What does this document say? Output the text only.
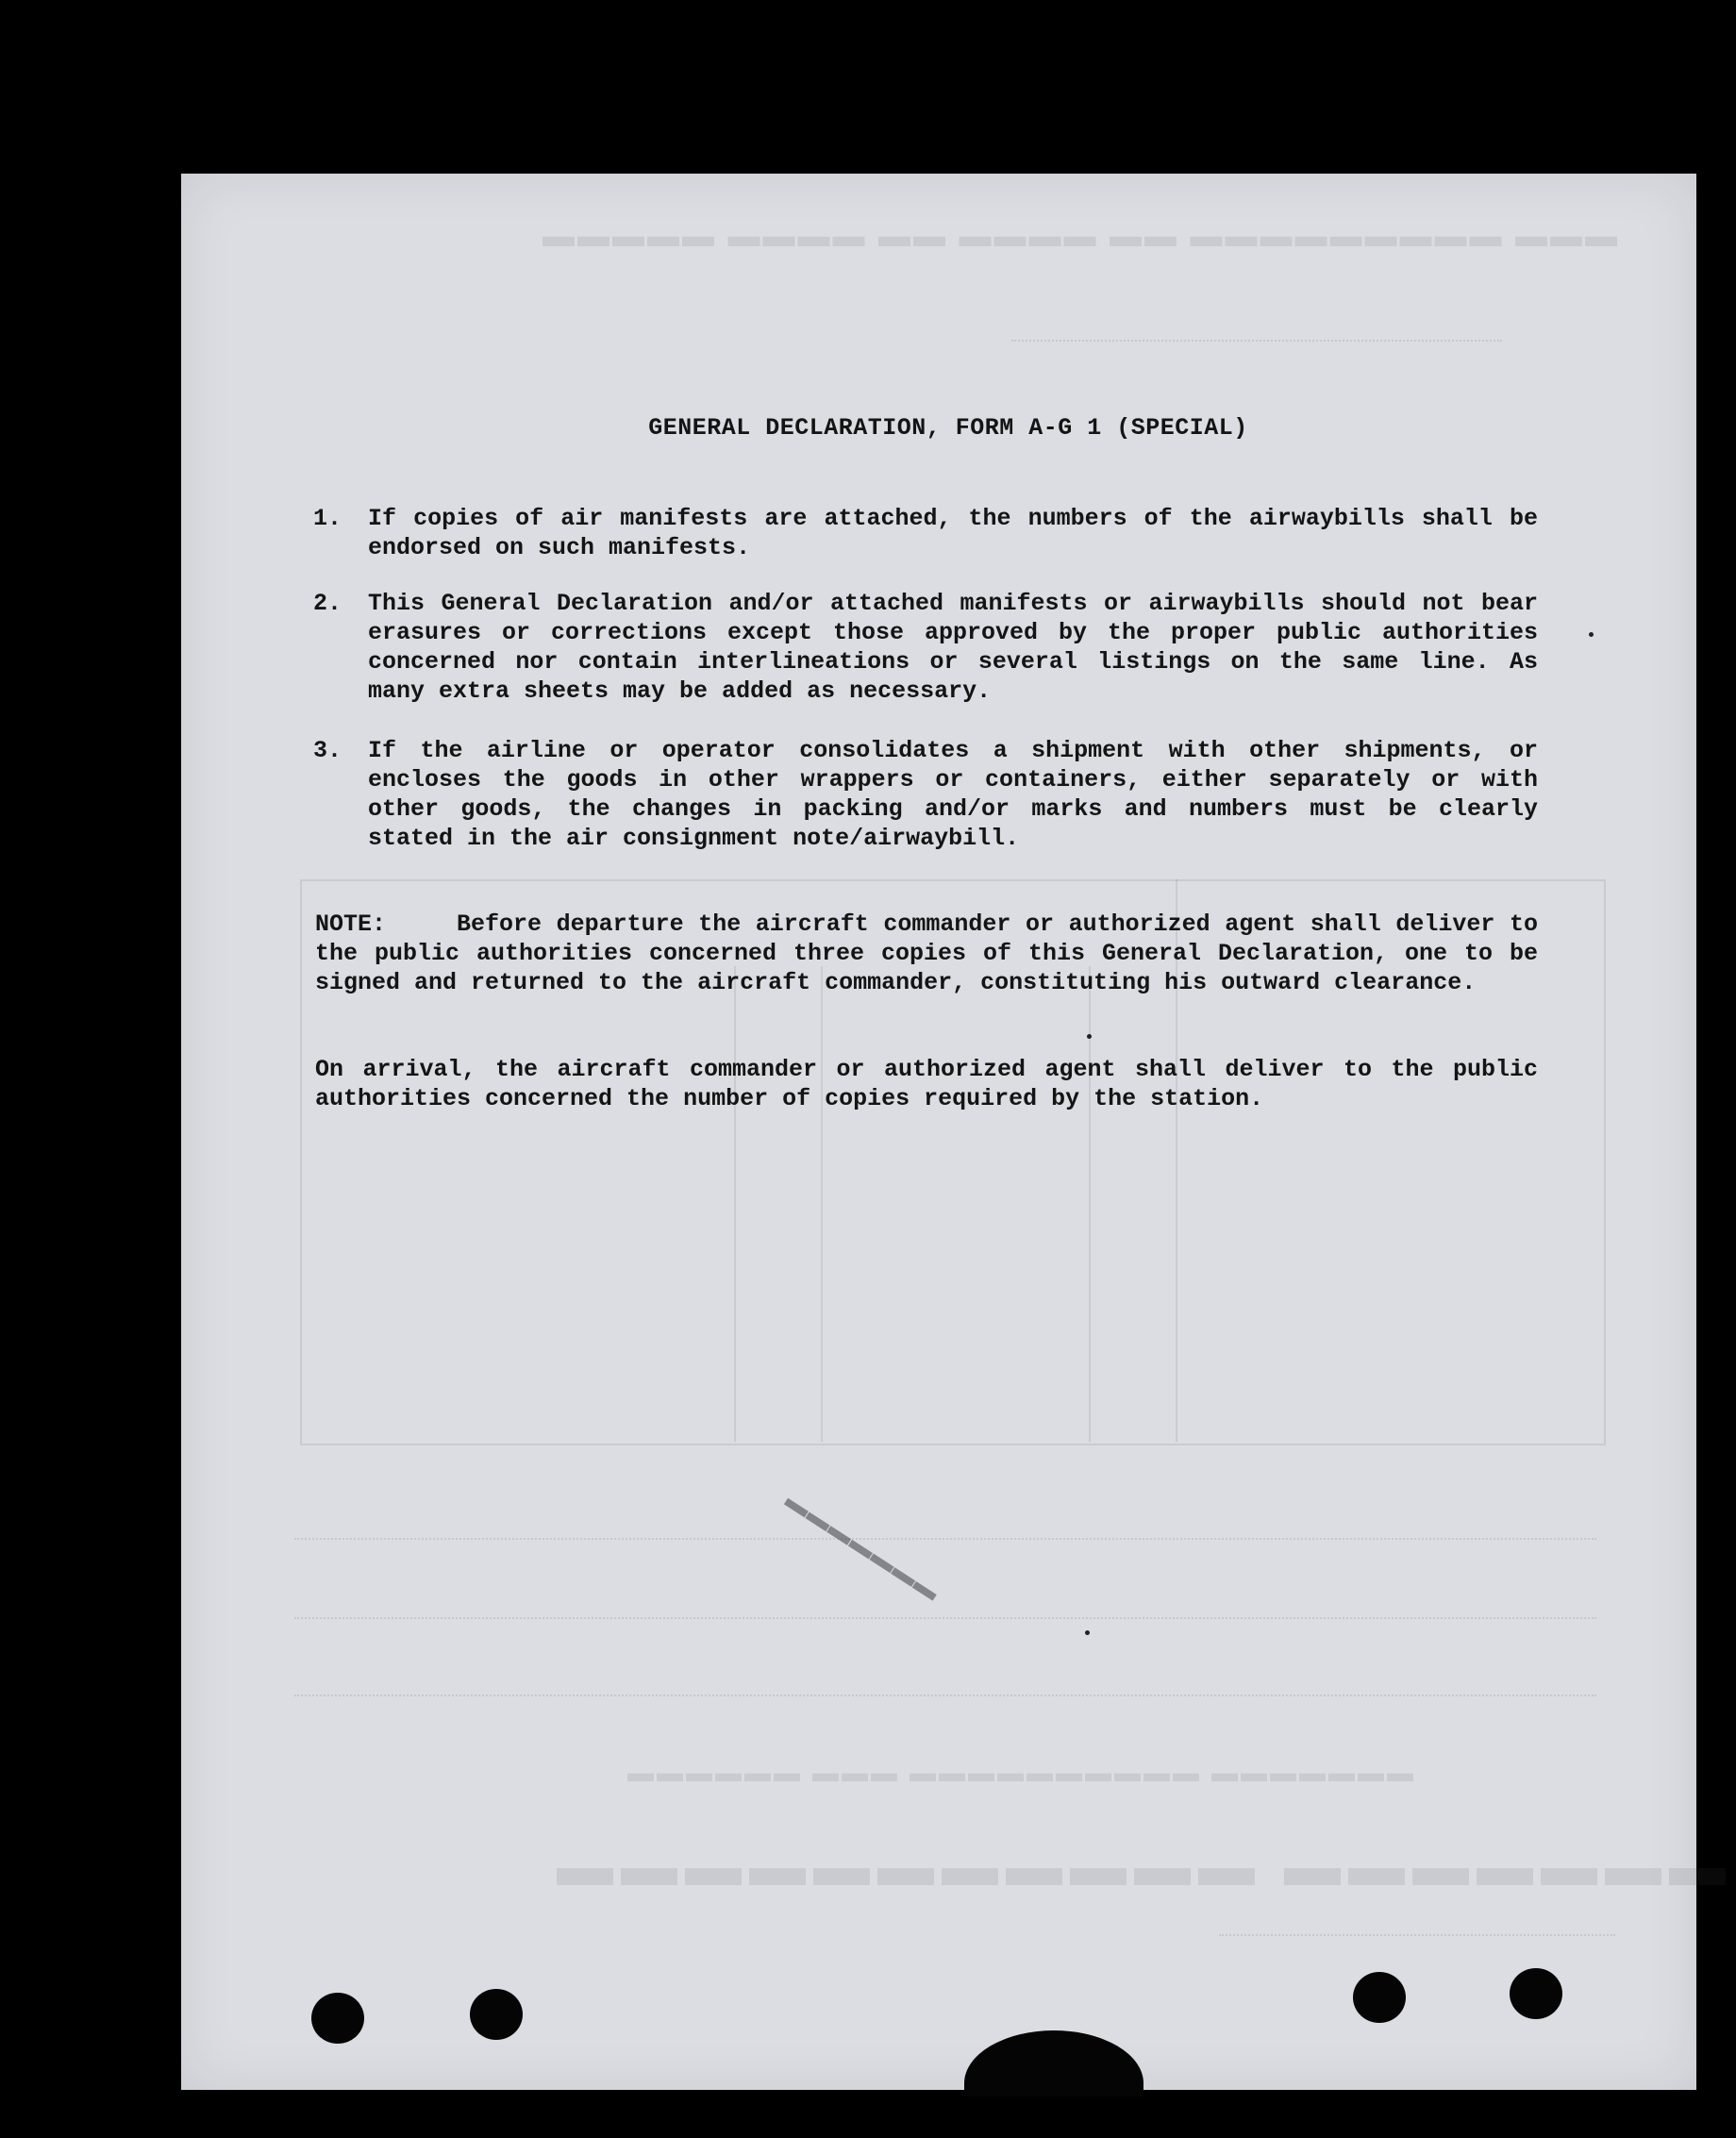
▬▬▬ ▬▬▬▬▬▬▬▬▬ ▬▬ ▬▬▬▬ ▬▬ ▬▬▬▬ ▬▬▬▬▬
▬▬▬▬▬▬▬ ▬▬▬▬▬▬▬▬▬▬▬
▬▬▬▬▬▬▬ ▬▬▬▬▬▬▬▬▬▬ ▬▬▬ ▬▬▬▬▬▬
GENERAL DECLARATION, FORM A-G 1 (SPECIAL)
1.	If copies of air manifests are attached, the numbers of the airwaybills shall be endorsed on such manifests.
2.	This General Declaration and/or attached manifests or airwaybills should not bear erasures or corrections except those approved by the proper public authorities concerned nor contain interlineations or several listings on the same line. As many extra sheets may be added as necessary.
3.	If the airline or operator consolidates a shipment with other shipments, or encloses the goods in other wrappers or containers, either separately or with other goods, the changes in packing and/or marks and numbers must be clearly stated in the air consignment note/airwaybill.
NOTE:	Before departure the aircraft commander or authorized agent shall deliver to the public authorities concerned three copies of this General Declaration, one to be signed and returned to the aircraft commander, constituting his outward clearance.
On arrival, the aircraft commander or authorized agent shall deliver to the public authorities concerned the number of copies required by the station.
▬▬▬▬▬▬▬
